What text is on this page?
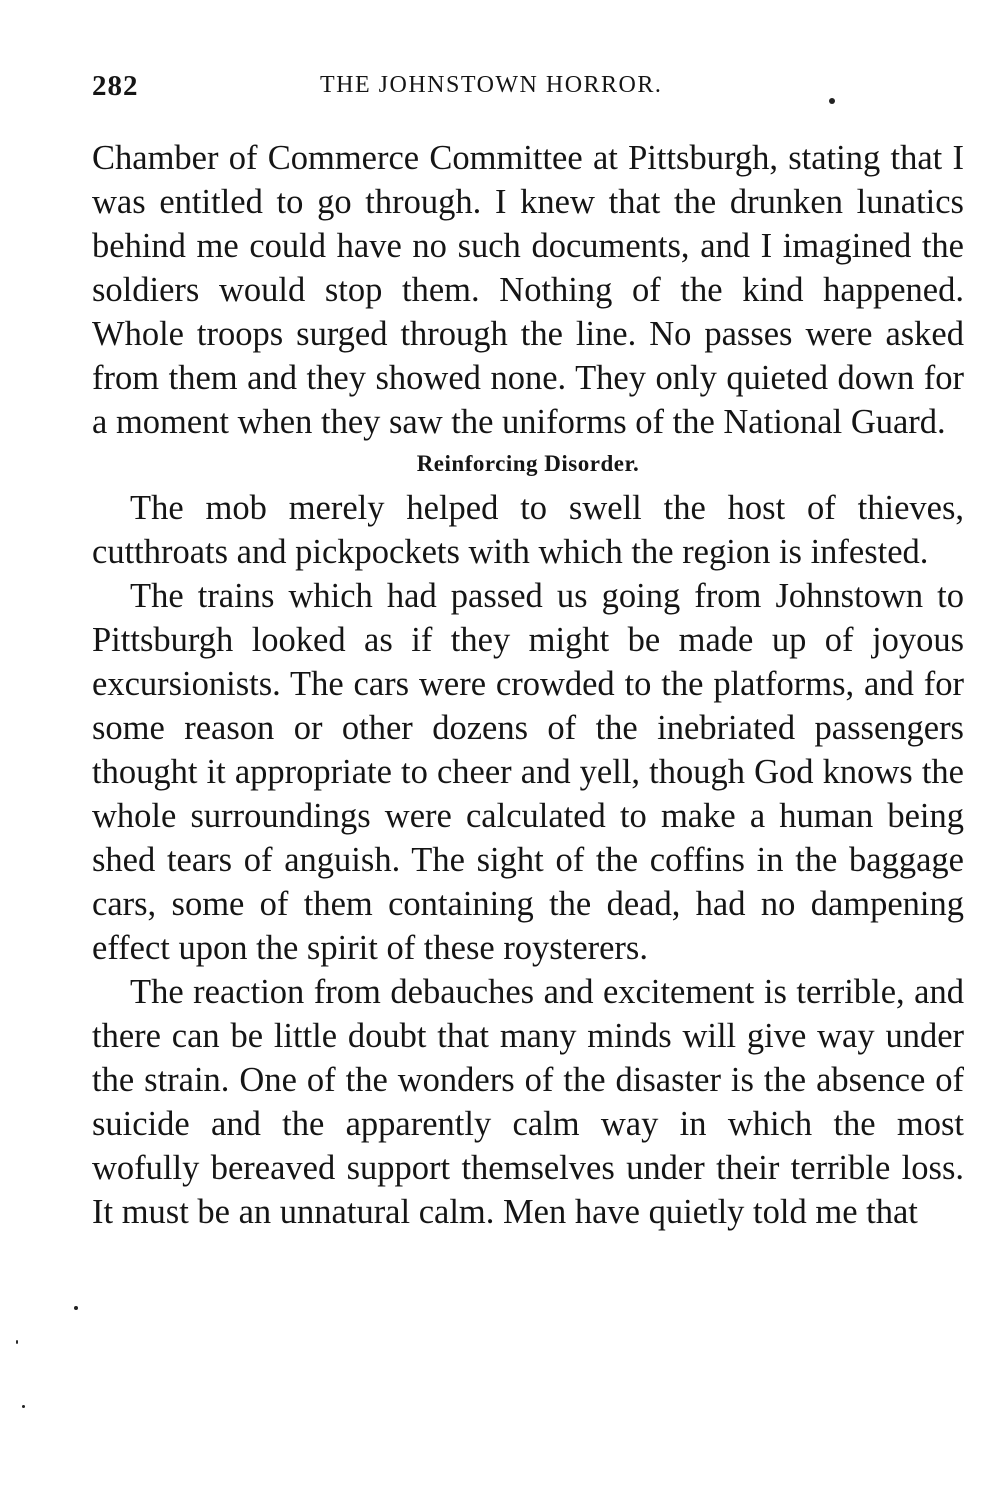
282	THE JOHNSTOWN HORROR.

Chamber of Commerce Committee at Pittsburgh, stating that I was entitled to go through. I knew that the drunken lunatics behind me could have no such documents, and I imagined the soldiers would stop them. Nothing of the kind happened. Whole troops surged through the line. No passes were asked from them and they showed none. They only quieted down for a moment when they saw the uniforms of the National Guard.

Reinforcing Disorder.

The mob merely helped to swell the host of thieves, cutthroats and pickpockets with which the region is infested.

The trains which had passed us going from Johnstown to Pittsburgh looked as if they might be made up of joyous excursionists. The cars were crowded to the platforms, and for some reason or other dozens of the inebriated passengers thought it appropriate to cheer and yell, though God knows the whole surroundings were calculated to make a human being shed tears of anguish. The sight of the coffins in the baggage cars, some of them containing the dead, had no dampening effect upon the spirit of these roysterers.

The reaction from debauches and excitement is terrible, and there can be little doubt that many minds will give way under the strain. One of the wonders of the disaster is the absence of suicide and the apparently calm way in which the most wofully bereaved support themselves under their terrible loss. It must be an unnatural calm. Men have quietly told me that
